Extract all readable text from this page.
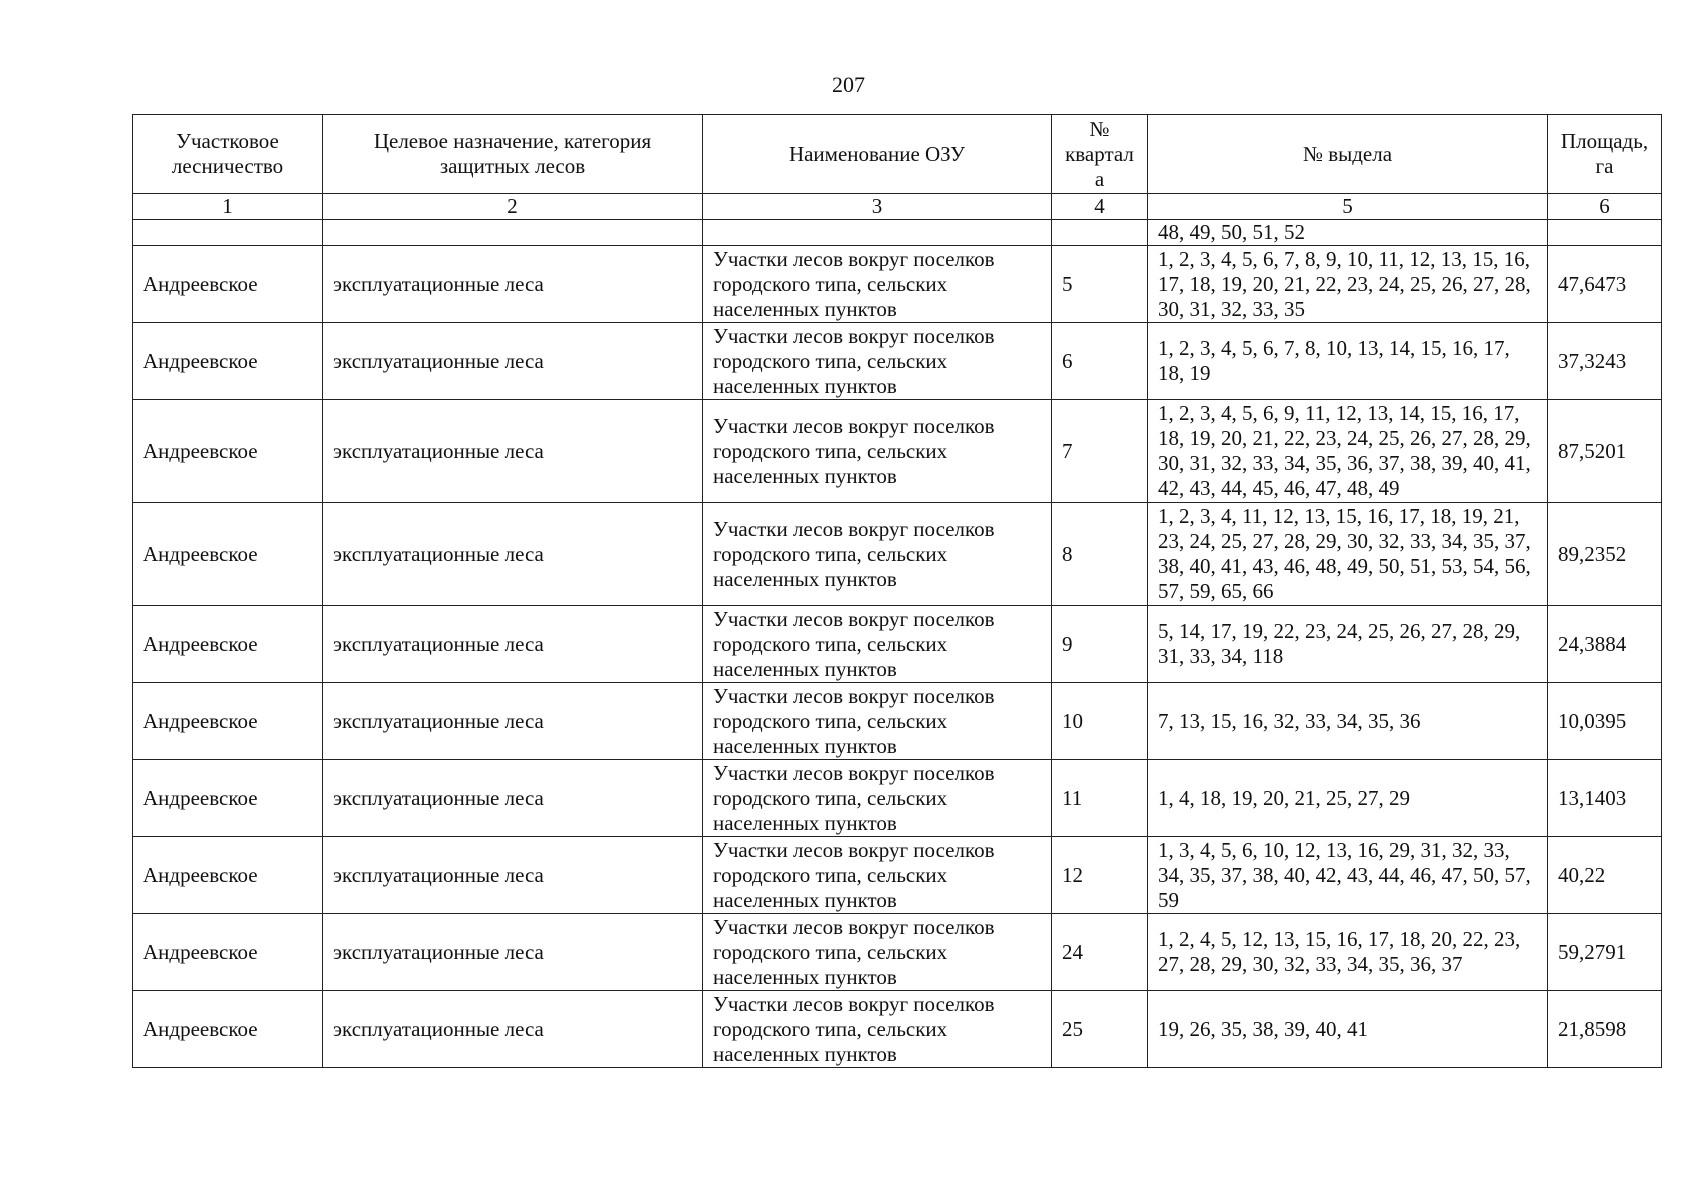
207
Участковое лесничество	Целевое назначение, категория защитных лесов	Наименование ОЗУ	№ квартал а	№ выдела	Площадь, га
1	2	3	4	5	6
				48, 49, 50, 51, 52	
Андреевское	эксплуатационные леса	Участки лесов вокруг поселков городского типа, сельских населенных пунктов	5	1, 2, 3, 4, 5, 6, 7, 8, 9, 10, 11, 12, 13, 15, 16, 17, 18, 19, 20, 21, 22, 23, 24, 25, 26, 27, 28, 30, 31, 32, 33, 35	47,6473
Андреевское	эксплуатационные леса	Участки лесов вокруг поселков городского типа, сельских населенных пунктов	6	1, 2, 3, 4, 5, 6, 7, 8, 10, 13, 14, 15, 16, 17, 18, 19	37,3243
Андреевское	эксплуатационные леса	Участки лесов вокруг поселков городского типа, сельских населенных пунктов	7	1, 2, 3, 4, 5, 6, 9, 11, 12, 13, 14, 15, 16, 17, 18, 19, 20, 21, 22, 23, 24, 25, 26, 27, 28, 29, 30, 31, 32, 33, 34, 35, 36, 37, 38, 39, 40, 41, 42, 43, 44, 45, 46, 47, 48, 49	87,5201
Андреевское	эксплуатационные леса	Участки лесов вокруг поселков городского типа, сельских населенных пунктов	8	1, 2, 3, 4, 11, 12, 13, 15, 16, 17, 18, 19, 21, 23, 24, 25, 27, 28, 29, 30, 32, 33, 34, 35, 37, 38, 40, 41, 43, 46, 48, 49, 50, 51, 53, 54, 56, 57, 59, 65, 66	89,2352
Андреевское	эксплуатационные леса	Участки лесов вокруг поселков городского типа, сельских населенных пунктов	9	5, 14, 17, 19, 22, 23, 24, 25, 26, 27, 28, 29, 31, 33, 34, 118	24,3884
Андреевское	эксплуатационные леса	Участки лесов вокруг поселков городского типа, сельских населенных пунктов	10	7, 13, 15, 16, 32, 33, 34, 35, 36	10,0395
Андреевское	эксплуатационные леса	Участки лесов вокруг поселков городского типа, сельских населенных пунктов	11	1, 4, 18, 19, 20, 21, 25, 27, 29	13,1403
Андреевское	эксплуатационные леса	Участки лесов вокруг поселков городского типа, сельских населенных пунктов	12	1, 3, 4, 5, 6, 10, 12, 13, 16, 29, 31, 32, 33, 34, 35, 37, 38, 40, 42, 43, 44, 46, 47, 50, 57, 59	40,22
Андреевское	эксплуатационные леса	Участки лесов вокруг поселков городского типа, сельских населенных пунктов	24	1, 2, 4, 5, 12, 13, 15, 16, 17, 18, 20, 22, 23, 27, 28, 29, 30, 32, 33, 34, 35, 36, 37	59,2791
Андреевское	эксплуатационные леса	Участки лесов вокруг поселков городского типа, сельских населенных пунктов	25	19, 26, 35, 38, 39, 40, 41	21,8598
